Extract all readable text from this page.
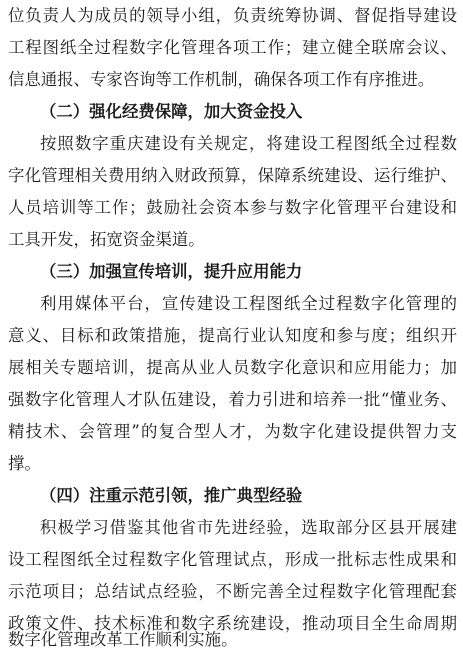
位负责人为成员的领导小组，负责统筹协调、督促指导建设
工程图纸全过程数字化管理各项工作；建立健全联席会议、
信息通报、专家咨询等工作机制，确保各项工作有序推进。
（二）强化经费保障，加大资金投入
按照数字重庆建设有关规定，将建设工程图纸全过程数
字化管理相关费用纳入财政预算，保障系统建设、运行维护、
人员培训等工作；鼓励社会资本参与数字化管理平台建设和
工具开发，拓宽资金渠道。
（三）加强宣传培训，提升应用能力
利用媒体平台，宣传建设工程图纸全过程数字化管理的
意义、目标和政策措施，提高行业认知度和参与度；组织开
展相关专题培训，提高从业人员数字化意识和应用能力；加
强数字化管理人才队伍建设，着力引进和培养一批“懂业务、
精技术、会管理”的复合型人才，为数字化建设提供智力支
撑。
（四）注重示范引领，推广典型经验
积极学习借鉴其他省市先进经验，选取部分区县开展建
设工程图纸全过程数字化管理试点，形成一批标志性成果和
示范项目；总结试点经验，不断完善全过程数字化管理配套
政策文件、技术标准和数字系统建设，推动项目全生命周期
数字化管理改革工作顺利实施。
